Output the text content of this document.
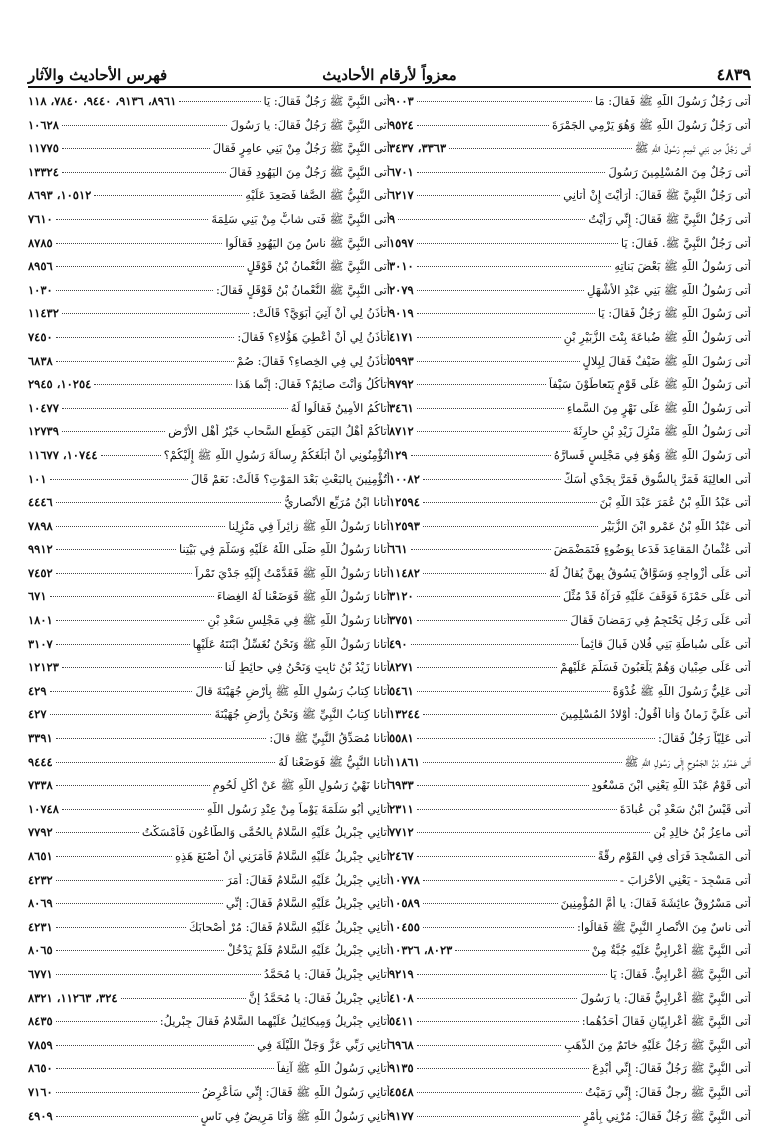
٤٨٣٩
معزواً لأرقام الأحاديث
فهرس الأحاديث والآثار
أتى رَجُلٌ رَسُولَ اللَّهِ ﷺ فَقالَ: مَا
٩٠٠٣
أتى رَجُلٌ رَسُولَ اللَّهِ ﷺ وَهُوَ يَرْمِي الجَمْرَةَ
٩٥٢٤
أتى رَجُلٌ مِن بَنِي تَمِيمٍ رَسُولَ اللَّهِ ﷺ
٣٣٦٣، ٣٤٣٧
أتى رَجُلٌ مِنَ المُسْلِمِينَ رَسُولَ
٦٧٠١
أتى رَجُلٌ النَّبِيَّ ﷺ فَقالَ: أَرَأَيْتَ إِنْ أَتانِي
٦٢١٧
أتى رَجُلٌ النَّبِيَّ ﷺ فَقالَ: إِنِّي رَأَيْتُ
٩
أتى رَجُلٌ النَّبِيَّ ﷺ. فَقالَ: يَا
١٥٩٧
أتى رَسُولُ اللَّهِ ﷺ بَعْضَ بَناتِهِ
٣٠١٠
أتى رَسُولُ اللَّهِ ﷺ بَنِي عَبْدِ الأَشْهَلِ
٢٠٧٩
أتى رَسُولَ اللَّهِ ﷺ رَجُلٌ فَقالَ: يَا
٩٠١٩
أتى رَسُولُ اللَّهِ ﷺ ضُباعَةَ بِنْتَ الزُّبَيْرِ بْنِ
٤١٧١
أتى رَسُولَ اللَّهِ ﷺ ضَيْفٌ فَقالَ لِبِلالٍ
٥٩٩٣
أتى رَسُولُ اللَّهِ ﷺ عَلَى قَوْمٍ يَتَعاطَوْنَ سَيْفاً
٩٧٩٢
أتى رَسُولُ اللَّهِ ﷺ عَلَى نَهْرٍ مِنَ السَّماءِ
٣٤٦١
أتى رَسُولُ اللَّهِ ﷺ مَنْزِلَ زَيْدِ بْنِ حارِثَةَ
٨٧١٢
أتى رَسُولَ اللَّهِ ﷺ وَهُوَ فِي مَجْلِسٍ فَسارَّهُ
١٢٩
أتى العالِيَةَ فَمَرَّ بِالسُّوقِ فَمَرَّ بِجَدْيٍ أَسَكَّ
١٠٠٨٢
أتى عَبْدُ اللَّهِ بْنُ عُمَرَ عَبْدَ اللَّهِ بْنَ
١٢٥٩٤
أتى عَبْدُ اللَّهِ بْنُ عَمْرٍو ابْنَ الزُّبَيْرِ
١٢٥٩٣
أتى عُثْمانُ المَقاعِدَ فَدَعا بِوَضُوءٍ فَتَمَضْمَضَ
٦٦١
أتى عَلَى أَزْواجِهِ وَسَوَّاقٌ يَسُوقُ بِهِنَّ يُقالُ لَهُ
١١٤٨٢
أتى عَلَى حَمْزَةَ فَوَقَفَ عَلَيْهِ فَرَآهُ قَدْ مُثِّلَ
٣١٢٠
أتى عَلَى رَجُلٍ يَحْتَجِمُ فِي رَمَضانَ فَقالَ
٣٧٥١
أتى عَلَى سُباطَةِ بَنِي فُلانٍ فَبالَ قائِماً
٤٩٠
أتى عَلَى صِبْيانٍ وَهُمْ يَلْعَبُونَ فَسَلَّمَ عَلَيْهِمْ
٨٢٧١
أتى عَلِيٌّ رَسُولَ اللَّهِ ﷺ غُدْوَةً
٥٤٦١
أتى عَلَيَّ زَمانٌ وَأَنا أَقُولُ: أَوْلادُ المُسْلِمِينَ
١٣٢٤٤
أتى عَلِيّاً رَجُلٌ فَقالَ:
٥٥٨١
أتى عَمْرُو بْنُ الجَمُوحِ إِلَى رَسُولِ اللَّهِ ﷺ
١١٨٦١
أتى قَوْمٌ عَبْدَ اللَّهِ يَعْنِي ابْنَ مَسْعُودٍ
٦٩٣٣
أتى قَيْسُ ابْنُ سَعْدِ بْنِ عُبادَةَ
٢٣١١
أتى ماعِزُ بْنُ خالِدِ بْنِ
٧٧١٢
أتى المَسْجِدَ فَرَأى فِي القَوْمِ رِقَّةً
٢٤٦٧
أتى مَسْجِدَ - يَعْنِي الأَحْزابَ -
١٠٧٧٨
أتى مَسْرُوقٌ عائِشَةَ فَقالَ: يا أُمَّ المُؤْمِنِينَ
١٠٥٨٩
أتى ناسٌ مِنَ الأَنْصارِ النَّبِيَّ ﷺ فَقالُوا:
١٠٤٥٥
أتى النَّبِيَّ ﷺ أَعْرابِيٌّ عَلَيْهِ جُبَّةٌ مِنْ
٨٠٢٣، ١٠٣٢٦
أتى النَّبِيَّ ﷺ أَعْرابِيٌّ. فَقالَ: يَا
٩٢١٩
أتى النَّبِيَّ ﷺ أَعْرابِيٌّ فَقالَ: يا رَسُولَ
٤١٠٨
أتى النَّبِيَّ ﷺ أَعْرابِيّانِ فَقالَ أَحَدُهُما:
٥٤١١
أتى النَّبِيَّ ﷺ رَجُلٌ عَلَيْهِ خاتَمٌ مِنَ الذَّهَبِ
٦٩٦٨
أتى النَّبِيَّ ﷺ رَجُلٌ فَقالَ: إِنِّي أُبْدِعَ
٩١٣٥
أتى النَّبِيَّ ﷺ رجلٌ فَقالَ: إِنِّي رَمَيْتُ
٤٥٤٨
أتى النَّبِيَّ ﷺ رَجُلٌ فَقالَ: مُرْنِي بِأَمْرٍ
٩١٧٧
أتى النَّبِيَّ ﷺ رَجُلٌ فَقالَ: يَا
٨٩٦١، ٩١٣٦، ٩٤٤٠، ٧٨٤٠، ١١٨
أتى النَّبِيَّ ﷺ رَجُلٌ فَقالَ: يا رَسُولَ
١٠٦٢٨
أتى النَّبِيَّ ﷺ رَجُلٌ مِنْ بَنِي عامِرٍ فَقالَ
١١٧٧٥
أتى النَّبِيَّ ﷺ رَجُلٌ مِنَ اليَهُودِ فَقالَ
١٣٣٢٤
أتى النَّبِيُّ ﷺ الصَّفا فَصَعِدَ عَلَيْهِ
١٠٥١٢، ٨٦٩٣
أتى النَّبِيَّ ﷺ فَتى شابٌّ مِنْ بَنِي سَلِمَةَ
٧٦١٠
أتى النَّبِيَّ ﷺ ناسٌ مِنَ اليَهُودِ فَقالُوا
٨٧٨٥
أتى النَّبِيَّ ﷺ النُّعْمانُ بْنُ قَوْقَلٍ
٨٩٥٦
أتى النَّبِيَّ ﷺ النُّعْمانُ بْنُ قَوْقَلٍ فَقالَ:
١٠٣٠
أتأذَنُ لِي أَنْ آتِيَ أَبَوَيَّ؟ قَالَتْ:
١١٤٣٢
أتأذَنُ لِي أَنْ أُعْطِيَ هَؤُلاءِ؟ فَقالَ:
٧٤٥٠
أتأذَنُ لِي فِي الخِصاءِ؟ فَقالَ: صُمْ
٦٨٣٨
أتأكُلُ وَأَنْتَ صائِمٌ؟ فَقالَ: إِنَّما هَذا
١٠٢٥٤، ٢٩٤٥
أتاكُمُ الأَمِينُ فَقالُوا لَهُ
١٠٤٧٧
أتاكُمْ أَهْلُ اليَمَنِ كَقِطَعِ السَّحابِ خَيْرُ أَهْلِ الأَرْضِ
١٢٧٣٩
أتُؤْمِنُونِي أَنْ أُبَلِّغَكُمْ رِسالَةَ رَسُولِ اللَّهِ ﷺ إِلَيْكُمْ؟
١٠٧٤٤، ١١٦٧٧
أتُؤْمِنِينَ بِالبَعْثِ بَعْدَ المَوْتِ؟ قَالَتْ: نَعَمْ قَالَ
١٠١
أتانا ابْنُ مُرَبِّعٍ الأَنْصارِيُّ
٤٤٤٦
أتانا رَسُولُ اللَّهِ ﷺ زائِراً فِي مَنْزِلِنا
٧٨٩٨
أتانا رَسُولُ اللَّهِ صَلَّى اللَّهُ عَلَيْهِ وَسَلَّمَ فِي بَيْتِنا
٩٩١٢
أتانا رَسُولُ اللَّهِ ﷺ فَقَدَّمْتُ إِلَيْهِ جَدْيَ تَمْراً
٧٤٥٢
أتانا رَسُولُ اللَّهِ ﷺ فَوَضَعْنا لَهُ الغِضاءَ
٦٧١
أتانا رَسُولُ اللَّهِ ﷺ فِي مَجْلِسِ سَعْدِ بْنِ
١٨٠١
أتانا رَسُولُ اللَّهِ ﷺ وَنَحْنُ نُغَسِّلُ ابْنَتَهُ عَلَيْهِا
٣١٠٧
أتانا زَيْدُ بْنُ ثابِتٍ وَنَحْنُ فِي حائِطٍ لَنا
١٢١٢٣
أتانا كِتابُ رَسُولِ اللَّهِ ﷺ بِأَرْضِ جُهَيْنَةَ قالَ
٤٢٩
أتانا كِتابُ النَّبِيِّ ﷺ وَنَحْنُ بِأَرْضِ جُهَيْنَةَ
٤٢٧
أتانا مُصَدِّقُ النَّبِيِّ ﷺ قالَ:
٣٣٩١
أتانا النَّبِيُّ ﷺ فَوَضَعْنا لَهُ
٩٤٤٤
أتانا نَهْيُ رَسُولِ اللَّهِ ﷺ عَنْ أَكْلِ لُحُومِ
٧٣٣٨
أتانِي أَبُو سَلَمَةَ يَوْماً مِنْ عِنْدِ رَسُولِ اللَّهِ
١٠٧٤٨
أتانِي جِبْرِيلُ عَلَيْهِ السَّلامُ بِالحُمَّى وَالطّاعُونِ فَأَمْسَكْتُ
٧٧٩٢
أتانِي جِبْرِيلُ عَلَيْهِ السَّلامُ فَأَمَرَنِي أَنْ أَصْنَعَ هَذِهِ
٨٦٥١
أتانِي جِبْرِيلُ عَلَيْهِ السَّلامُ فَقالَ: أَمَرَ
٤٢٣٢
أتانِي جِبْرِيلُ عَلَيْهِ السَّلامُ فَقالَ: إِنِّي
٨٠٦٩
أتانِي جِبْرِيلُ عَلَيْهِ السَّلامُ فَقالَ: مُرْ أَصْحابَكَ
٤٢٣١
أتانِي جِبْرِيلُ عَلَيْهِ السَّلامُ فَلَمْ يَدْخُلْ
٨٠٦٥
أتانِي جِبْرِيلُ فَقالَ: يا مُحَمَّدُ
٦٧٧١
أتانِي جِبْرِيلُ فَقالَ: يا مُحَمَّدُ إِنَّ
٣٢٤، ١١٢٦٣، ٨٣٢١
أتانِي جِبْرِيلُ وَمِيكائِيلُ عَلَيْهِما السَّلامُ فَقالَ جِبْرِيلُ:
٨٤٣٥
أتانِي رَبِّي عَزَّ وَجَلَّ اللَّيْلَةَ فِي
٧٨٥٩
أتانِي رَسُولُ اللَّهِ ﷺ آنِفاً
٨٦٥٠
أتانِي رَسُولُ اللَّهِ ﷺ فَقالَ: إِنِّي سَأُعْرِضُ
٧١٦٠
أتانِي رَسُولُ اللَّهِ ﷺ وَأَنَا مَرِيضٌ فِي نَاسٍ
٤٩٠٩
